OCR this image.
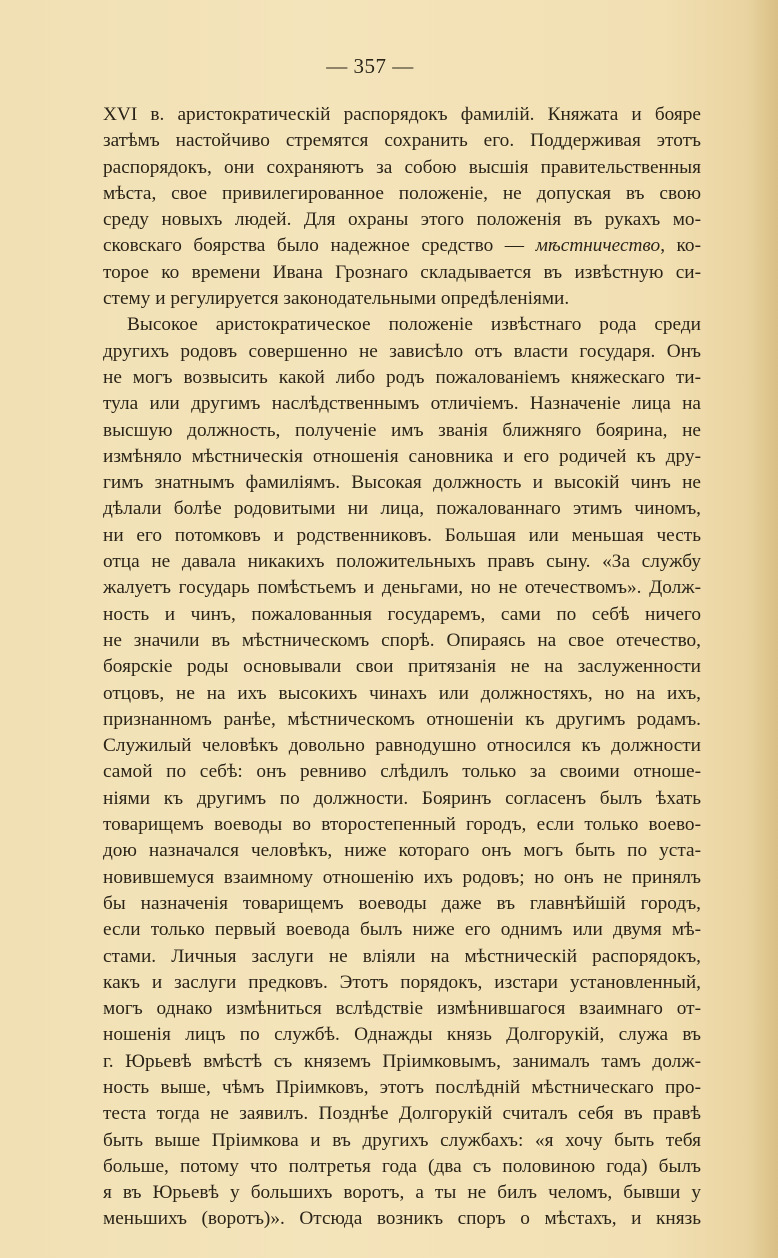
— 357 —
XVI в. аристократическій распорядокъ фамилій. Княжата и бояре
затѣмъ настойчиво стремятся сохранить его. Поддерживая этотъ
распорядокъ, они сохраняютъ за собою высшія правительственныя
мѣста, свое привилегированное положеніе, не допуская въ свою
среду новыхъ людей. Для охраны этого положенія въ рукахъ мо-
сковскаго боярства было надежное средство — мѣстничество, ко-
торое ко времени Ивана Грознаго складывается въ извѣстную си-
стему и регулируется законодательными опредѣленіями.
Высокое аристократическое положеніе извѣстнаго рода среди
другихъ родовъ совершенно не зависѣло отъ власти государя. Онъ
не могъ возвысить какой либо родъ пожалованіемъ княжескаго ти-
тула или другимъ наслѣдственнымъ отличіемъ. Назначеніе лица на
высшую должность, полученіе имъ званія ближняго боярина, не
измѣняло мѣстническія отношенія сановника и его родичей къ дру-
гимъ знатнымъ фамиліямъ. Высокая должность и высокій чинъ не
дѣлали болѣе родовитыми ни лица, пожалованнаго этимъ чиномъ,
ни его потомковъ и родственниковъ. Большая или меньшая честь
отца не давала никакихъ положительныхъ правъ сыну. «За службу
жалуетъ государь помѣстьемъ и деньгами, но не отечествомъ». Долж-
ность и чинъ, пожалованныя государемъ, сами по себѣ ничего
не значили въ мѣстническомъ спорѣ. Опираясь на свое отечество,
боярскіе роды основывали свои притязанія не на заслуженности
отцовъ, не на ихъ высокихъ чинахъ или должностяхъ, но на ихъ,
признанномъ ранѣе, мѣстническомъ отношеніи къ другимъ родамъ.
Служилый человѣкъ довольно равнодушно относился къ должности
самой по себѣ: онъ ревниво слѣдилъ только за своими отноше-
ніями къ другимъ по должности. Бояринъ согласенъ былъ ѣхать
товарищемъ воеводы во второстепенный городъ, если только воево-
дою назначался человѣкъ, ниже котораго онъ могъ быть по уста-
новившемуся взаимному отношенію ихъ родовъ; но онъ не принялъ
бы назначенія товарищемъ воеводы даже въ главнѣйшій городъ,
если только первый воевода былъ ниже его однимъ или двумя мѣ-
стами. Личныя заслуги не вліяли на мѣстническій распорядокъ,
какъ и заслуги предковъ. Этотъ порядокъ, изстари установленный,
могъ однако измѣниться вслѣдствіе измѣнившагося взаимнаго от-
ношенія лицъ по службѣ. Однажды князь Долгорукій, служа въ
г. Юрьевѣ вмѣстѣ съ княземъ Пріимковымъ, занималъ тамъ долж-
ность выше, чѣмъ Пріимковъ, этотъ послѣдній мѣстническаго про-
теста тогда не заявилъ. Позднѣе Долгорукій считалъ себя въ правѣ
быть выше Пріимкова и въ другихъ службахъ: «я хочу быть тебя
больше, потому что полтретья года (два съ половиною года) былъ
я въ Юрьевѣ у большихъ воротъ, а ты не билъ челомъ, бывши у
меньшихъ (воротъ)». Отсюда возникъ споръ о мѣстахъ, и князь
